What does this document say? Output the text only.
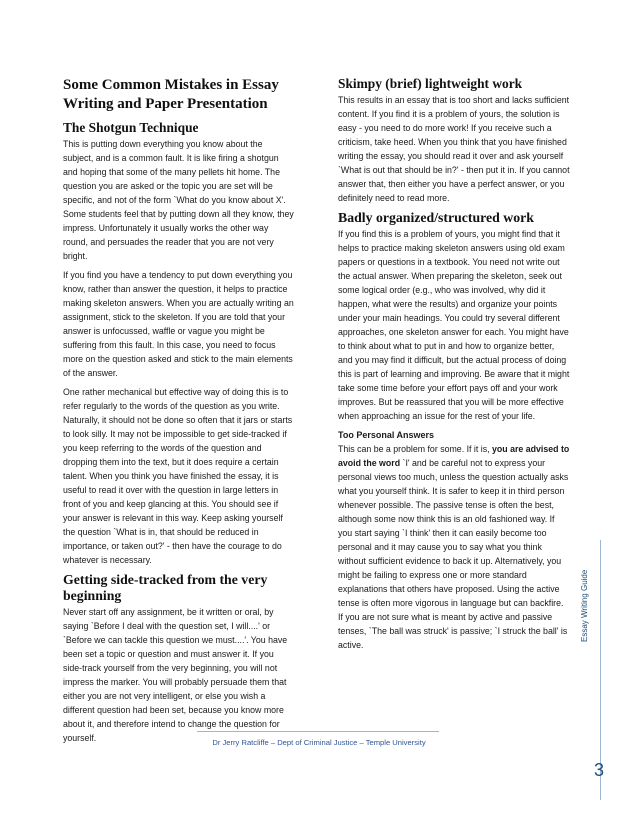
Some Common Mistakes in Essay Writing and Paper Presentation
The Shotgun Technique

This is putting down everything you know about the subject, and is a common fault. It is like firing a shotgun and hoping that some of the many pellets hit home. The question you are asked or the topic you are set will be specific, and not of the form `What do you know about X'. Some students feel that by putting down all they know, they impress. Unfortunately it usually works the other way round, and persuades the reader that you are not very bright.

If you find you have a tendency to put down everything you know, rather than answer the question, it helps to practice making skeleton answers. When you are actually writing an assignment, stick to the skeleton. If you are told that your answer is unfocussed, waffle or vague you might be suffering from this fault. In this case, you need to focus more on the question asked and stick to the main elements of the answer.

One rather mechanical but effective way of doing this is to refer regularly to the words of the question as you write. Naturally, it should not be done so often that it jars or starts to look silly. It may not be impossible to get side-tracked if you keep referring to the words of the question and dropping them into the text, but it does require a certain talent. When you think you have finished the essay, it is useful to read it over with the question in large letters in front of you and keep glancing at this. You should see if your answer is relevant in this way. Keep asking yourself the question `What is in, that should be reduced in importance, or taken out?' - then have the courage to do whatever is necessary.

Getting side-tracked from the very beginning

Never start off any assignment, be it written or oral, by saying `Before I deal with the question set, I will....' or `Before we can tackle this question we must....'. You have been set a topic or question and must answer it. If you side-track yourself from the very beginning, you will not impress the marker. You will probably persuade them that either you are not very intelligent, or else you wish a different question had been set, because you know more about it, and therefore intend to change the question for yourself.

Skimpy (brief) lightweight work

This results in an essay that is too short and lacks sufficient content. If you find it is a problem of yours, the solution is easy - you need to do more work! If you receive such a criticism, take heed. When you think that you have finished writing the essay, you should read it over and ask yourself `What is out that should be in?' - then put it in. If you cannot answer that, then either you have a perfect answer, or you definitely need to read more.

Badly organized/structured work

If you find this is a problem of yours, you might find that it helps to practice making skeleton answers using old exam papers or questions in a textbook. You need not write out the actual answer. When preparing the skeleton, seek out some logical order (e.g., who was involved, why did it happen, what were the results) and organize your points under your main headings. You could try several different approaches, one skeleton answer for each. You might have to think about what to put in and how to organize better, and you may find it difficult, but the actual process of doing this is part of learning and improving. Be aware that it might take some time before your effort pays off and your work improves. But be reassured that you will be more effective when approaching an issue for the rest of your life.

Too Personal Answers

This can be a problem for some. If it is, you are advised to avoid the word `I' and be careful not to express your personal views too much, unless the question actually asks what you yourself think. It is safer to keep it in third person whenever possible. The passive tense is often the best, although some now think this is an old fashioned way. If you start saying `I think' then it can easily become too personal and it may cause you to say what you think without sufficient evidence to back it up. Alternatively, you might be failing to express one or more standard explanations that others have proposed. Using the active tense is often more vigorous in language but can backfire. If you are not sure what is meant by active and passive tenses, `The ball was struck' is passive; `I struck the ball' is active.

Dr Jerry Ratcliffe – Dept of Criminal Justice – Temple University
Essay Writing Guide
3
